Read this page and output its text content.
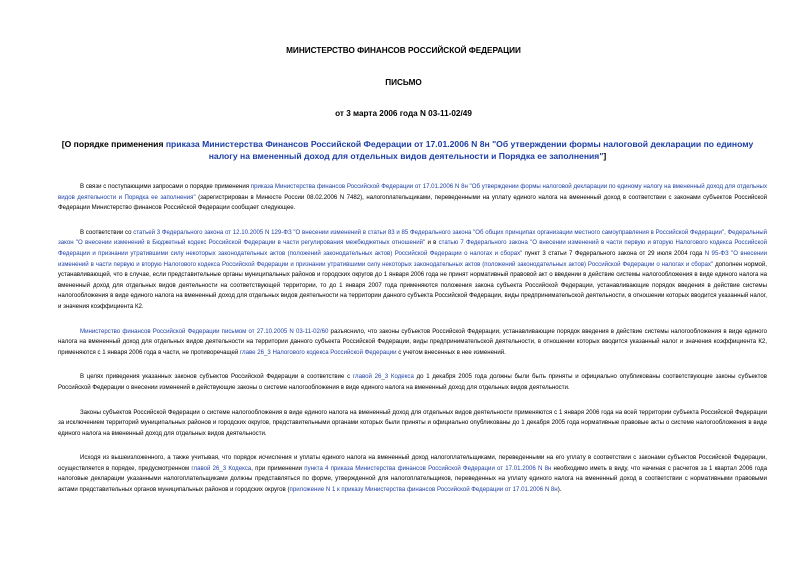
МИНИСТЕРСТВО ФИНАНСОВ РОССИЙСКОЙ ФЕДЕРАЦИИ
ПИСЬМО
от 3 марта 2006 года N 03-11-02/49
[О порядке применения приказа Министерства Финансов Российской Федерации от 17.01.2006 N 8н "Об утверждении формы налоговой декларации по единому налогу на вмененный доход для отдельных видов деятельности и Порядка ее заполнения"]

В связи с поступающими запросами о порядке применения приказа Министерства финансов Российской Федерации от 17.01.2006 N 8н "Об утверждении формы налоговой декларации по единому налогу на вмененный доход для отдельных видов деятельности и Порядка ее заполнения" (зарегистрирован в Минюсте России 08.02.2006 N 7482), налогоплательщиками, переведенными на уплату единого налога на вмененный доход в соответствии с законами субъектов Российской Федерации Министерство финансов Российской Федерации сообщает следующее.

В соответствии со статьей 3 Федерального закона от 12.10.2005 N 129-ФЗ "О внесении изменений в статьи 83 и 85 Федерального закона "Об общих принципах организации местного самоуправления в Российской Федерации", Федеральный закон "О внесении изменений в Бюджетный кодекс Российской Федерации в части регулирования межбюджетных отношений" и в статью 7 Федерального закона "О внесении изменений в части первую и вторую Налогового кодекса Российской Федерации и признании утратившими силу некоторых законодательных актов (положений законодательных актов) Российской Федерации о налогах и сборах" пункт 3 статьи 7 Федерального закона от 29 июля 2004 года N 95-ФЗ "О внесении изменений в части первую и вторую Налогового кодекса Российской Федерации и признании утратившими силу некоторых законодательных актов (положений законодательных актов) Российской Федерации о налогах и сборах" дополнен нормой, устанавливающей, что в случае, если представительные органы муниципальных районов и городских округов до 1 января 2006 года не принят нормативный правовой акт о введении в действие системы налогообложения в виде единого налога на вмененный доход для отдельных видов деятельности на соответствующей территории, то до 1 января 2007 года применяются положения закона субъекта Российской Федерации, устанавливающие порядок введения в действие системы налогообложения в виде единого налога на вмененный доход для отдельных видов деятельности на территории данного субъекта Российской Федерации, виды предпринимательской деятельности, в отношении которых вводится указанный налог, и значения коэффициента К2.

Министерство финансов Российской Федерации письмом от 27.10.2005 N 03-11-02/60 разъяснило, что законы субъектов Российской Федерации, устанавливающие порядок введения в действие системы налогообложения в виде единого налога на вмененный доход для отдельных видов деятельности на территории данного субъекта Российской Федерации, виды предпринимательской деятельности, в отношении которых вводится указанный налог и значения коэффициента К2, применяются с 1 января 2006 года в части, не противоречащей главе 26_3 Налогового кодекса Российской Федерации с учетом внесенных в нее изменений.

В целях приведения указанных законов субъектов Российской Федерации в соответствие с главой 26_3 Кодекса до 1 декабря 2005 года должны были быть приняты и официально опубликованы соответствующие законы субъектов Российской Федерации о внесении изменений в действующие законы о системе налогообложения в виде единого налога на вмененный доход для отдельных видов деятельности.

Законы субъектов Российской Федерации о системе налогообложения в виде единого налога на вмененный доход для отдельных видов деятельности применяются с 1 января 2006 года на всей территории субъекта Российской Федерации за исключением территорий муниципальных районов и городских округов, представительными органами которых были приняты и официально опубликованы до 1 декабря 2005 года нормативные правовые акты о системе налогообложения в виде единого налога на вмененный доход для отдельных видов деятельности.

Исходя из вышеизложенного, а также учитывая, что порядок исчисления и уплаты единого налога на вмененный доход налогоплательщиками, переведенными на его уплату в соответствии с законами субъектов Российской Федерации, осуществляется в порядке, предусмотренном главой 26_3 Кодекса, при применении пункта 4 приказа Министерства финансов Российской Федерации от 17.01.2006 N 8н необходимо иметь в виду, что начиная с расчетов за 1 квартал 2006 года налоговые декларации указанными налогоплательщиками должны представляться по форме, утвержденной для налогоплательщиков, переведенных на уплату единого налога на вмененный доход в соответствии с нормативными правовыми актами представительных органов муниципальных районов и городских округов (приложение N 1 к приказу Министерства финансов Российской Федерации от 17.01.2006 N 8н).
